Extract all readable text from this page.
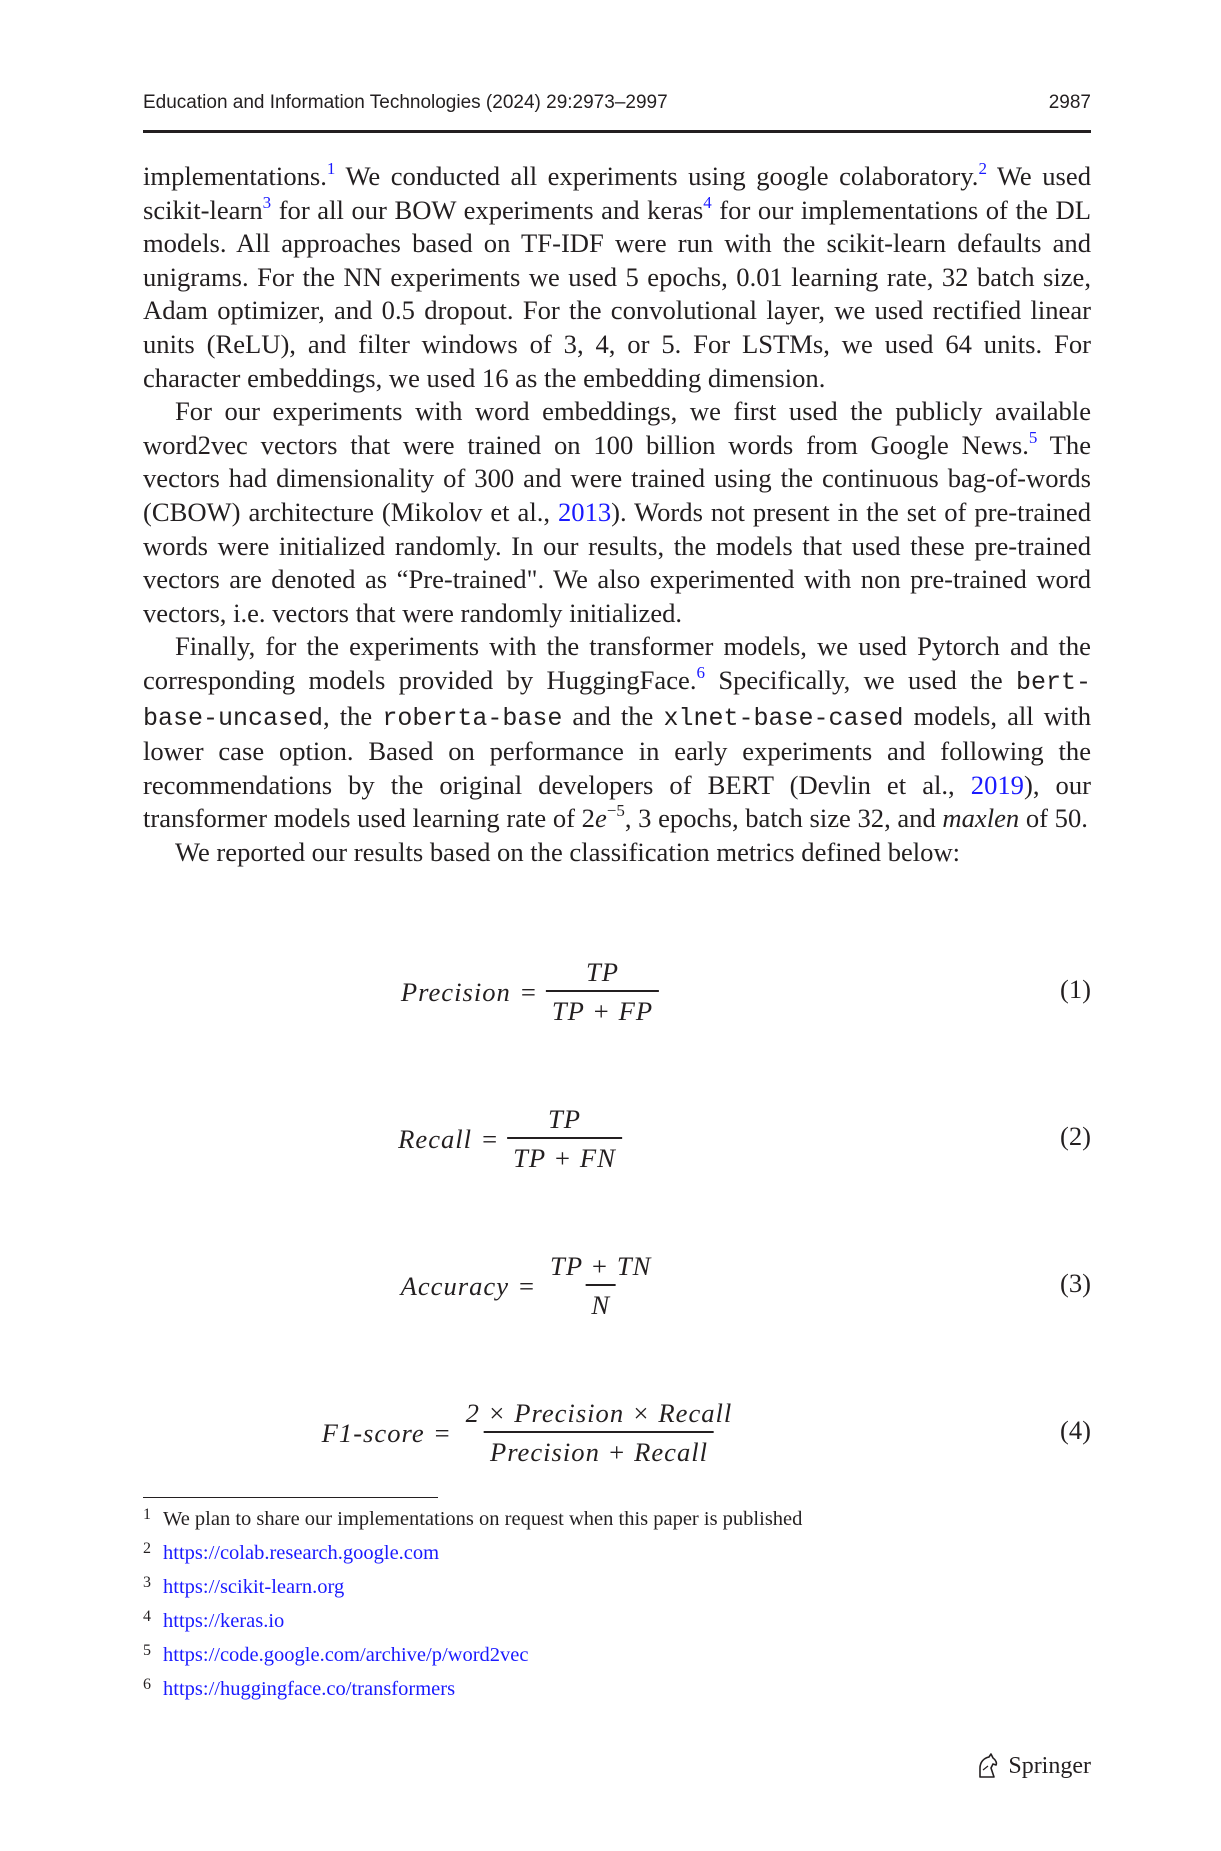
Education and Information Technologies (2024) 29:2973–2997	2987

implementations.$^1$ We conducted all experiments using google colaboratory.$^2$ We used scikit-learn$^3$ for all our BOW experiments and keras$^4$ for our implementations of the DL models. All approaches based on TF-IDF were run with the scikit-learn defaults and unigrams. For the NN experiments we used 5 epochs, 0.01 learning rate, 32 batch size, Adam optimizer, and 0.5 dropout. For the convolutional layer, we used rectified linear units (ReLU), and filter windows of 3, 4, or 5. For LSTMs, we used 64 units. For character embeddings, we used 16 as the embedding dimension.

For our experiments with word embeddings, we first used the publicly available word2vec vectors that were trained on 100 billion words from Google News.$^5$ The vectors had dimensionality of 300 and were trained using the continuous bag-of-words (CBOW) architecture (Mikolov et al., 2013). Words not present in the set of pre-trained words were initialized randomly. In our results, the models that used these pre-trained vectors are denoted as “Pre-trained". We also experimented with non pre-trained word vectors, i.e. vectors that were randomly initialized.

Finally, for the experiments with the transformer models, we used Pytorch and the corresponding models provided by HuggingFace.$^6$ Specifically, we used the bert-base-uncased, the roberta-base and the xlnet-base-cased models, all with lower case option. Based on performance in early experiments and following the recommendations by the original developers of BERT (Devlin et al., 2019), our transformer models used learning rate of $2e^{-5}$, 3 epochs, batch size 32, and maxlen of 50.

We reported our results based on the classification metrics defined below:

Precision = $\frac{TP}{TP + FP}$	(1)
Recall = $\frac{TP}{TP + FN}$	(2)
Accuracy = $\frac{TP + TN}{N}$	(3)
F1-score = $\frac{\text{2 × Precision × Recall}}{\text{Precision + Recall}}$	(4)
1 We plan to share our implementations on request when this paper is published
2 https://colab.research.google.com
3 https://scikit-learn.org
4 https://keras.io
5 https://code.google.com/archive/p/word2vec
6 https://huggingface.co/transformers
Springer
